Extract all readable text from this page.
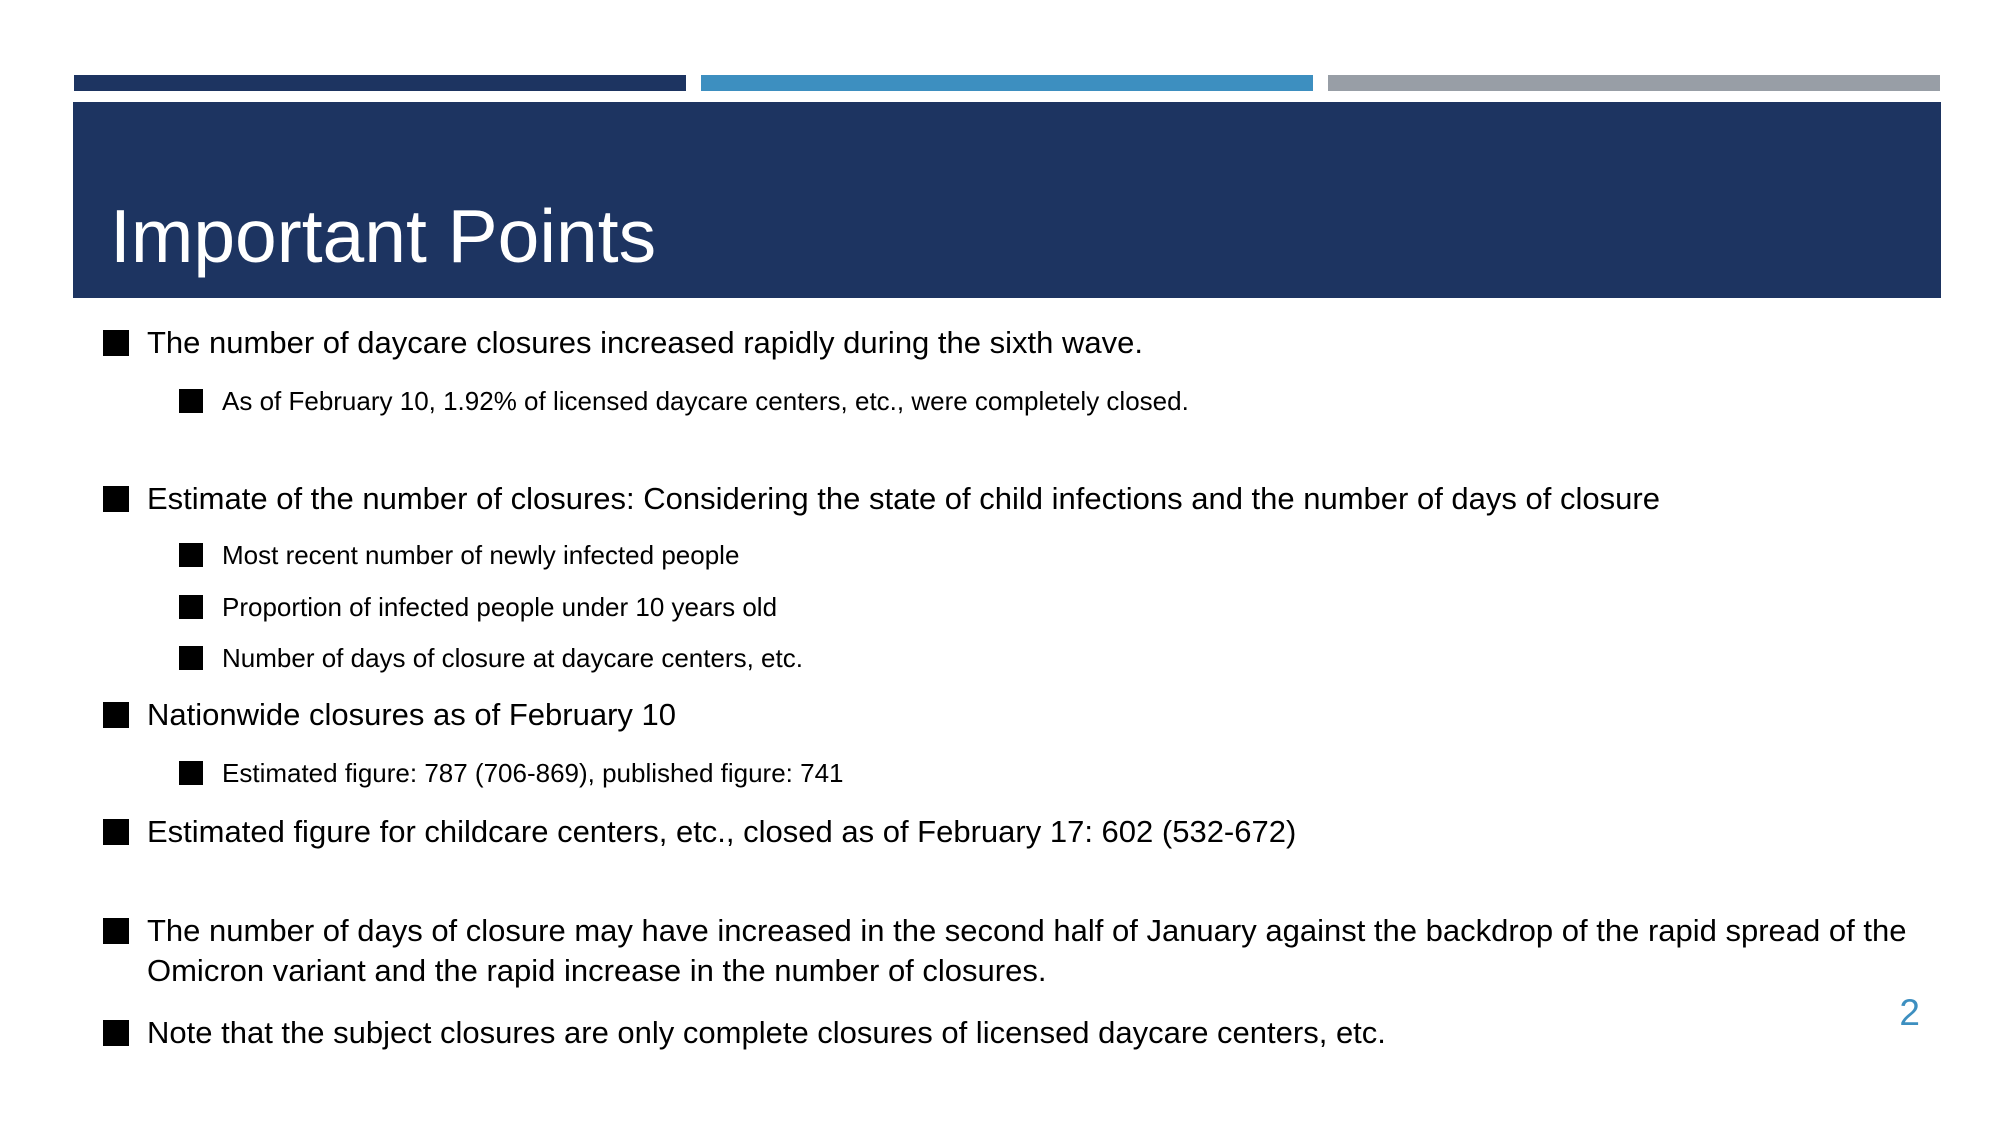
Important Points
The number of daycare closures increased rapidly during the sixth wave.
As of February 10, 1.92% of licensed daycare centers, etc., were completely closed.
Estimate of the number of closures: Considering the state of child infections and the number of days of closure
Most recent number of newly infected people
Proportion of infected people under 10 years old
Number of days of closure at daycare centers, etc.
Nationwide closures as of February 10
Estimated figure: 787 (706-869), published figure: 741
Estimated figure for childcare centers, etc., closed as of February 17: 602 (532-672)
The number of days of closure may have increased in the second half of January against the backdrop of the rapid spread of the Omicron variant and the rapid increase in the number of closures.
Note that the subject closures are only complete closures of licensed daycare centers, etc.	2
